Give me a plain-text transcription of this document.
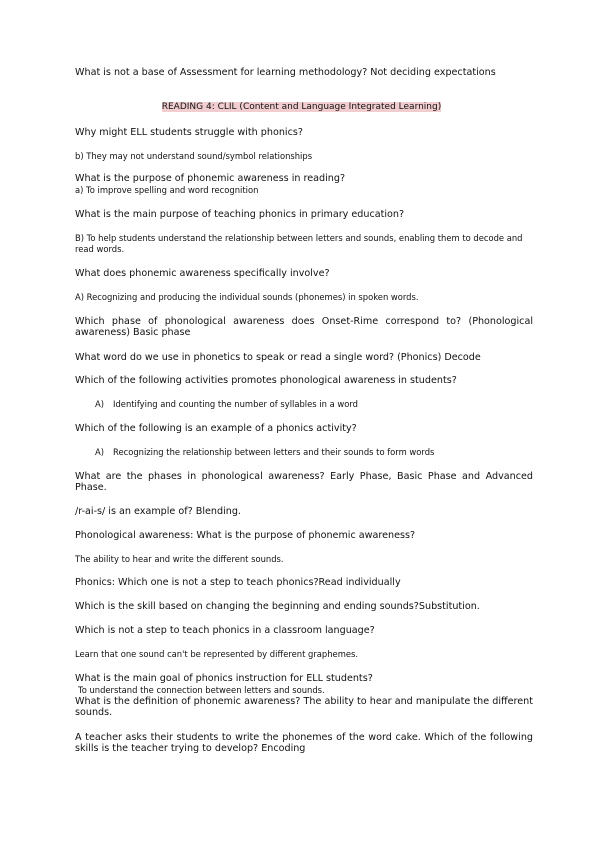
What is not a base of Assessment for learning methodology? Not deciding expectations

READING 4: CLIL (Content and Language Integrated Learning)

Why might ELL students struggle with phonics?

b) They may not understand sound/symbol relationships

What is the purpose of phonemic awareness in reading?

a) To improve spelling and word recognition

What is the main purpose of teaching phonics in primary education?

B) To help students understand the relationship between letters and sounds, enabling them to decode and read words.

What does phonemic awareness specifically involve?

A) Recognizing and producing the individual sounds (phonemes) in spoken words.

Which phase of phonological awareness does Onset-Rime correspond to? (Phonological awareness) Basic phase

What word do we use in phonetics to speak or read a single word? (Phonics) Decode

Which of the following activities promotes phonological awareness in students?

A) Identifying and counting the number of syllables in a word

Which of the following is an example of a phonics activity?

A) Recognizing the relationship between letters and their sounds to form words

What are the phases in phonological awareness? Early Phase, Basic Phase and Advanced Phase.

/r-ai-s/ is an example of? Blending.

Phonological awareness: What is the purpose of phonemic awareness?

The ability to hear and write the different sounds.

Phonics: Which one is not a step to teach phonics?Read individually

Which is the skill based on changing the beginning and ending sounds?Substitution.

Which is not a step to teach phonics in a classroom language?

Learn that one sound can't be represented by different graphemes.

What is the main goal of phonics instruction for ELL students?

To understand the connection between letters and sounds.

What is the definition of phonemic awareness? The ability to hear and manipulate the different sounds.

A teacher asks their students to write the phonemes of the word cake. Which of the following skills is the teacher trying to develop? Encoding
